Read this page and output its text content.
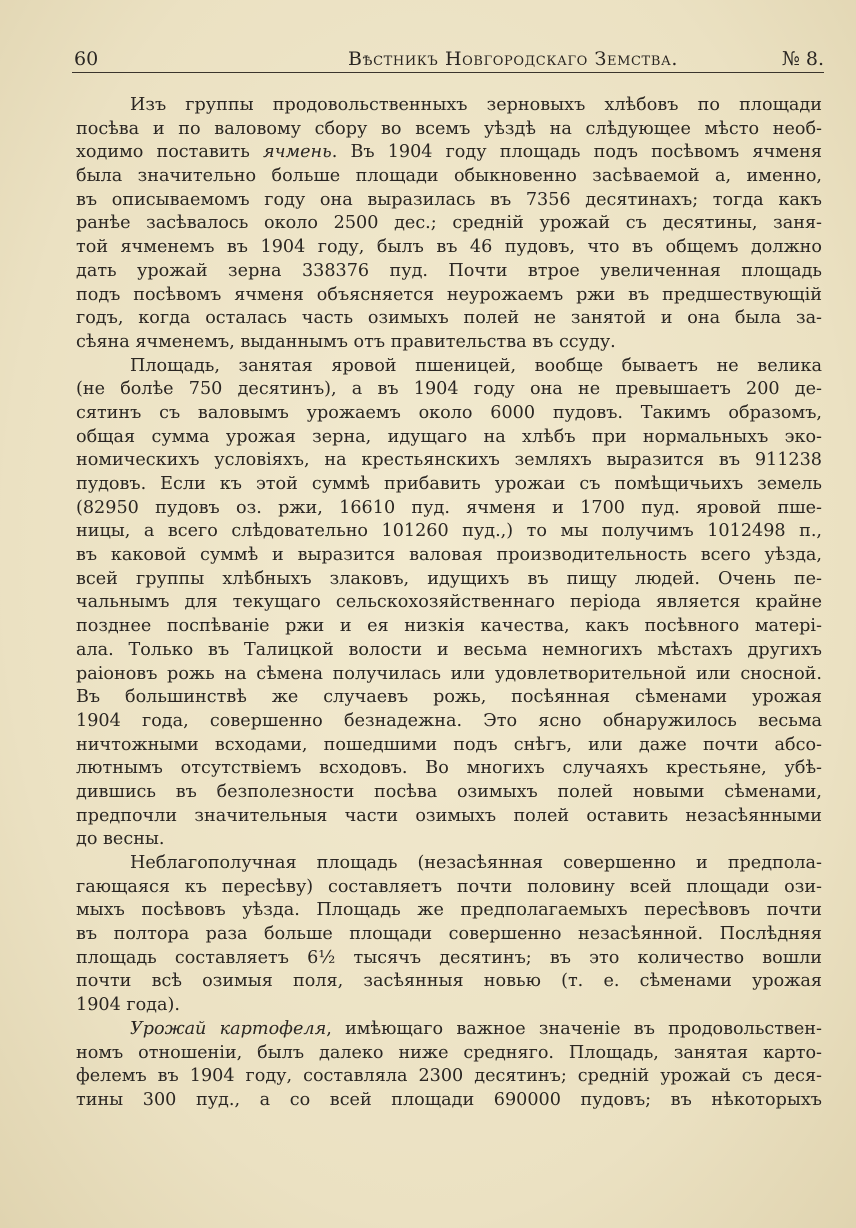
60	Вѣстникъ Новгородскаго Земства.	№ 8.
Изъ группы продовольственныхъ зерновыхъ хлѣбовъ по площади
посѣва и по валовому сбору во всемъ уѣздѣ на слѣдующее мѣсто необ-
ходимо поставить ячмень. Въ 1904 году площадь подъ посѣвомъ ячменя
была значительно больше площади обыкновенно засѣваемой а, именно,
въ описываемомъ году она выразилась въ 7356 десятинахъ; тогда какъ
ранѣе засѣвалось около 2500 дес.; средній урожай съ десятины, заня-
той ячменемъ въ 1904 году, былъ въ 46 пудовъ, что въ общемъ должно
дать урожай зерна 338376 пуд. Почти втрое увеличенная площадь
подъ посѣвомъ ячменя объясняется неурожаемъ ржи въ предшествующій
годъ, когда осталась часть озимыхъ полей не занятой и она была за-
сѣяна ячменемъ, выданнымъ отъ правительства въ ссуду.
Площадь, занятая яровой пшеницей, вообще бываетъ не велика
(не болѣе 750 десятинъ), а въ 1904 году она не превышаетъ 200 де-
сятинъ съ валовымъ урожаемъ около 6000 пудовъ. Такимъ образомъ,
общая сумма урожая зерна, идущаго на хлѣбъ при нормальныхъ эко-
номическихъ условіяхъ, на крестьянскихъ земляхъ выразится въ 911238
пудовъ. Если къ этой суммѣ прибавить урожаи съ помѣщичьихъ земель
(82950 пудовъ оз. ржи, 16610 пуд. ячменя и 1700 пуд. яровой пше-
ницы, а всего слѣдовательно 101260 пуд.,) то мы получимъ 1012498 п.,
въ каковой суммѣ и выразится валовая производительность всего уѣзда,
всей группы хлѣбныхъ злаковъ, идущихъ въ пищу людей. Очень пе-
чальнымъ для текущаго сельскохозяйственнаго періода является крайне
позднее поспѣваніе ржи и ея низкія качества, какъ посѣвного матері-
ала. Только въ Талицкой волости и весьма немногихъ мѣстахъ другихъ
раіоновъ рожь на сѣмена получилась или удовлетворительной или сносной.
Въ большинствѣ же случаевъ рожь, посѣянная сѣменами урожая
1904 года, совершенно безнадежна. Это ясно обнаружилось весьма
ничтожными всходами, пошедшими подъ снѣгъ, или даже почти абсо-
лютнымъ отсутствіемъ всходовъ. Во многихъ случаяхъ крестьяне, убѣ-
дившись въ безполезности посѣва озимыхъ полей новыми сѣменами,
предпочли значительныя части озимыхъ полей оставить незасѣянными
до весны.
Неблагополучная площадь (незасѣянная совершенно и предпола-
гающаяся къ пересѣву) составляетъ почти половину всей площади ози-
мыхъ посѣвовъ уѣзда. Площадь же предполагаемыхъ пересѣвовъ почти
въ полтора раза больше площади совершенно незасѣянной. Послѣдняя
площадь составляетъ 6½ тысячъ десятинъ; въ это количество вошли
почти всѣ озимыя поля, засѣянныя новью (т. е. сѣменами урожая
1904 года).
Урожай картофеля, имѣющаго важное значеніе въ продовольствен-
номъ отношеніи, былъ далеко ниже средняго. Площадь, занятая карто-
фелемъ въ 1904 году, составляла 2300 десятинъ; средній урожай съ деся-
тины 300 пуд., а со всей площади 690000 пудовъ; въ нѣкоторыхъ
